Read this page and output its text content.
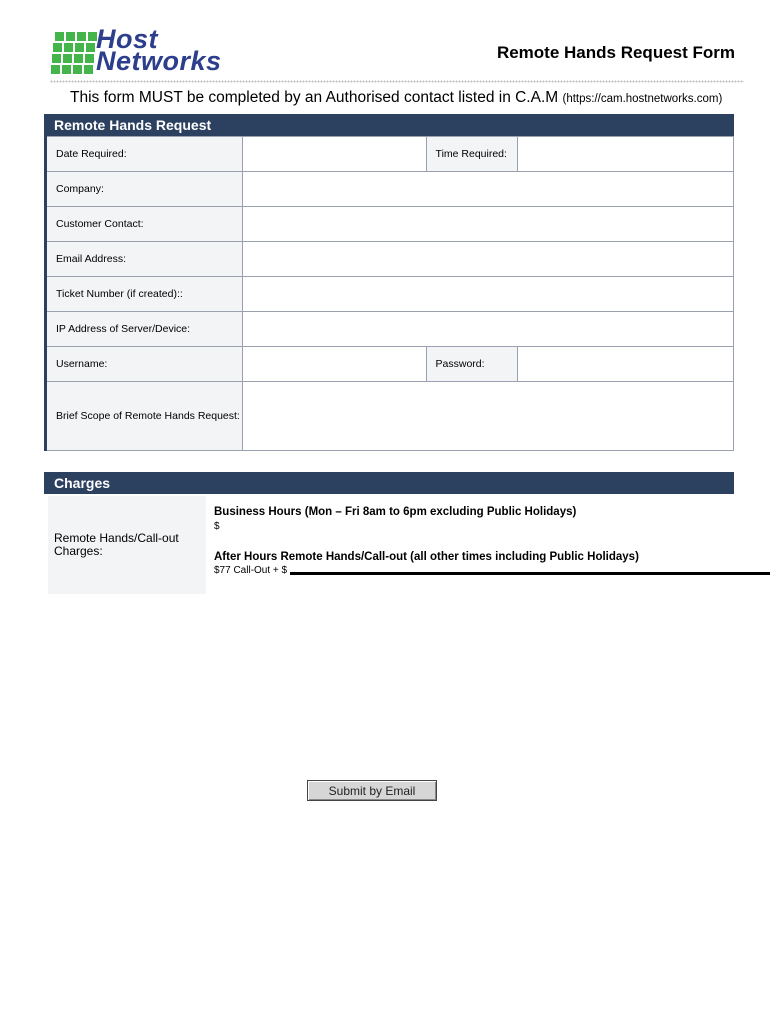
Host
Networks	Remote Hands Request Form
This form MUST be completed by an Authorised contact listed in C.A.M (https://cam.hostnetworks.com)
Remote Hands Request
Date Required:		Time Required:	
Company:			
Customer Contact:			
Email Address:			
Ticket Number (if created)::			
IP Address of Server/Device:			
Username:		Password:	
Brief Scope of Remote Hands Request:			
Charges
Remote Hands/Call-out
Charges:
Business Hours (Mon – Fri 8am to 6pm excluding Public Holidays)
$
After Hours Remote Hands/Call-out (all other times including Public Holidays)
$77 Call-Out + $
Submit by Email
